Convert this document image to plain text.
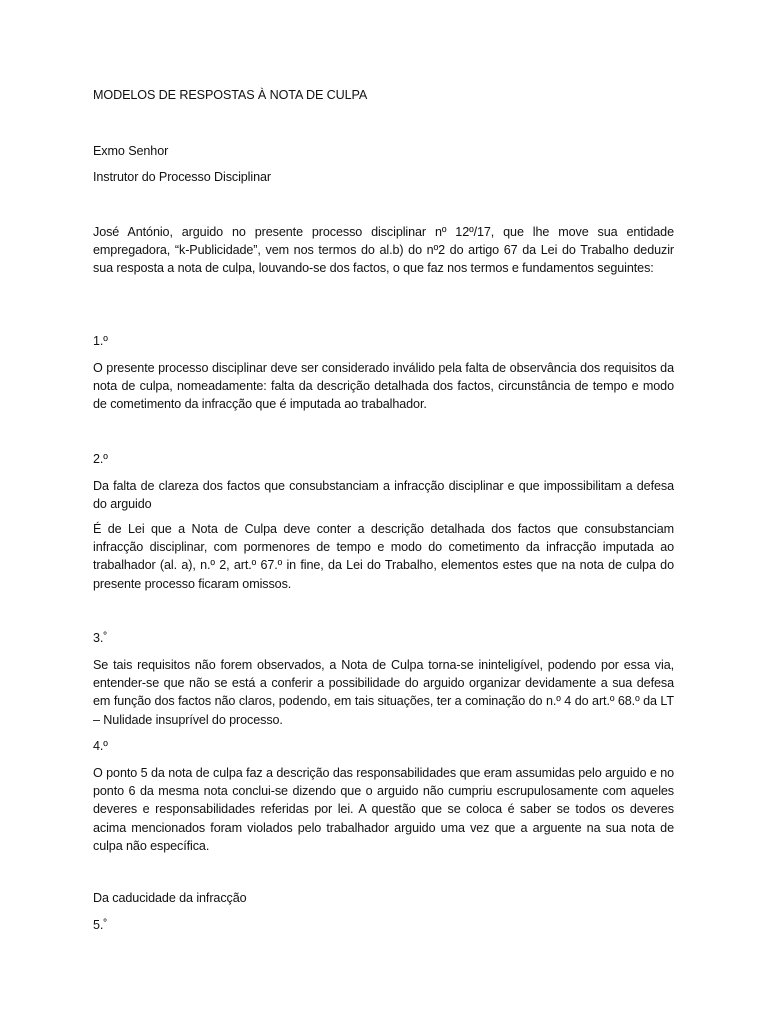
MODELOS DE RESPOSTAS À NOTA DE CULPA

Exmo Senhor

Instrutor do Processo Disciplinar

José António, arguido no presente processo disciplinar nº 12º/17, que lhe move sua entidade empregadora, “k-Publicidade”, vem nos termos do al.b) do nº2 do artigo 67 da Lei do Trabalho deduzir sua resposta a nota de culpa, louvando-se dos factos, o que faz nos termos e fundamentos seguintes:

1.º

O presente processo disciplinar deve ser considerado inválido pela falta de observância dos requisitos da nota de culpa, nomeadamente: falta da descrição detalhada dos factos, circunstância de tempo e modo de cometimento da infracção que é imputada ao trabalhador.

2.º

Da falta de clareza dos factos que consubstanciam a infracção disciplinar e que impossibilitam a defesa do arguido

É de Lei que a Nota de Culpa deve conter a descrição detalhada dos factos que consubstanciam infracção disciplinar, com pormenores de tempo e modo do cometimento da infracção imputada ao trabalhador (al. a), n.º 2, art.º 67.º in fine, da Lei do Trabalho, elementos estes que na nota de culpa do presente processo ficaram omissos.

3.˚

Se tais requisitos não forem observados, a Nota de Culpa torna-se ininteligível, podendo por essa via, entender-se que não se está a conferir a possibilidade do arguido organizar devidamente a sua defesa em função dos factos não claros, podendo, em tais situações, ter a cominação do n.º 4 do art.º 68.º da LT – Nulidade insuprível do processo.

4.º

O ponto 5 da nota de culpa faz a descrição das responsabilidades que eram assumidas pelo arguido e no ponto 6 da mesma nota conclui-se dizendo que o arguido não cumpriu escrupulosamente com aqueles deveres e responsabilidades referidas por lei. A questão que se coloca é saber se todos os deveres acima mencionados foram violados pelo trabalhador arguido uma vez que a arguente na sua nota de culpa não específica.

Da caducidade da infracção

5.˚
